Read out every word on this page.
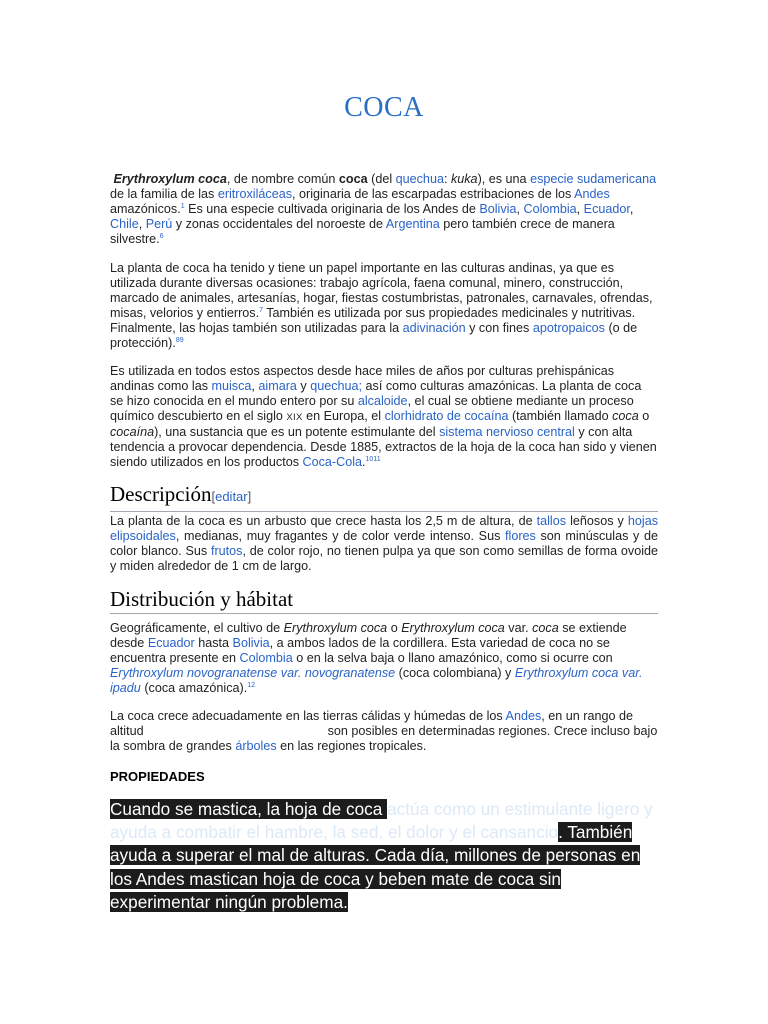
COCA

Erythroxylum coca, de nombre común coca (del quechua: kuka), es una especie sudamericana de la familia de las eritroxiláceas, originaria de las escarpadas estribaciones de los Andes amazónicos.$^1$ Es una especie cultivada originaria de los Andes de Bolivia, Colombia, Ecuador, Chile, Perú y zonas occidentales del noroeste de Argentina pero también crece de manera silvestre.$^6$

La planta de coca ha tenido y tiene un papel importante en las culturas andinas, ya que es utilizada durante diversas ocasiones: trabajo agrícola, faena comunal, minero, construcción, marcado de animales, artesanías, hogar, fiestas costumbristas, patronales, carnavales, ofrendas, misas, velorios y entierros.$^7$ También es utilizada por sus propiedades medicinales y nutritivas. Finalmente, las hojas también son utilizadas para la adivinación y con fines apotropaicos (o de protección).$^{89}$

Es utilizada en todos estos aspectos desde hace miles de años por culturas prehispánicas andinas como las muisca, aimara y quechua; así como culturas amazónicas. La planta de coca se hizo conocida en el mundo entero por su alcaloide, el cual se obtiene mediante un proceso químico descubierto en el siglo XIX en Europa, el clorhidrato de cocaína (también llamado coca o cocaína), una sustancia que es un potente estimulante del sistema nervioso central y con alta tendencia a provocar dependencia. Desde 1885, extractos de la hoja de la coca han sido y vienen siendo utilizados en los productos Coca-Cola.$^{1011}$

Descripción[editar]

La planta de la coca es un arbusto que crece hasta los 2,5 m de altura, de tallos leñosos y hojas elipsoidales, medianas, muy fragantes y de color verde intenso. Sus flores son minúsculas y de color blanco. Sus frutos, de color rojo, no tienen pulpa ya que son como semillas de forma ovoide y miden alrededor de 1 cm de largo.

Distribución y hábitat

Geográficamente, el cultivo de Erythroxylum coca o Erythroxylum coca var. coca se extiende desde Ecuador hasta Bolivia, a ambos lados de la cordillera. Esta variedad de coca no se encuentra presente en Colombia o en la selva baja o llano amazónico, como si ocurre con Erythroxylum novogranatense var. novogranatense (coca colombiana) y Erythroxylum coca var. ipadu (coca amazónica).$^{12}$

La coca crece adecuadamente en las tierras cálidas y húmedas de los Andes, en un rango de altitud	son posibles en determinadas regiones. Crece incluso bajo la sombra de grandes árboles en las regiones tropicales.

PROPIEDADES

Cuando se mastica, la hoja de coca actúa como un estimulante ligero y ayuda a combatir el hambre, la sed, el dolor y el cansancio. También ayuda a superar el mal de alturas. Cada día, millones de personas en los Andes mastican hoja de coca y beben mate de coca sin experimentar ningún problema.
